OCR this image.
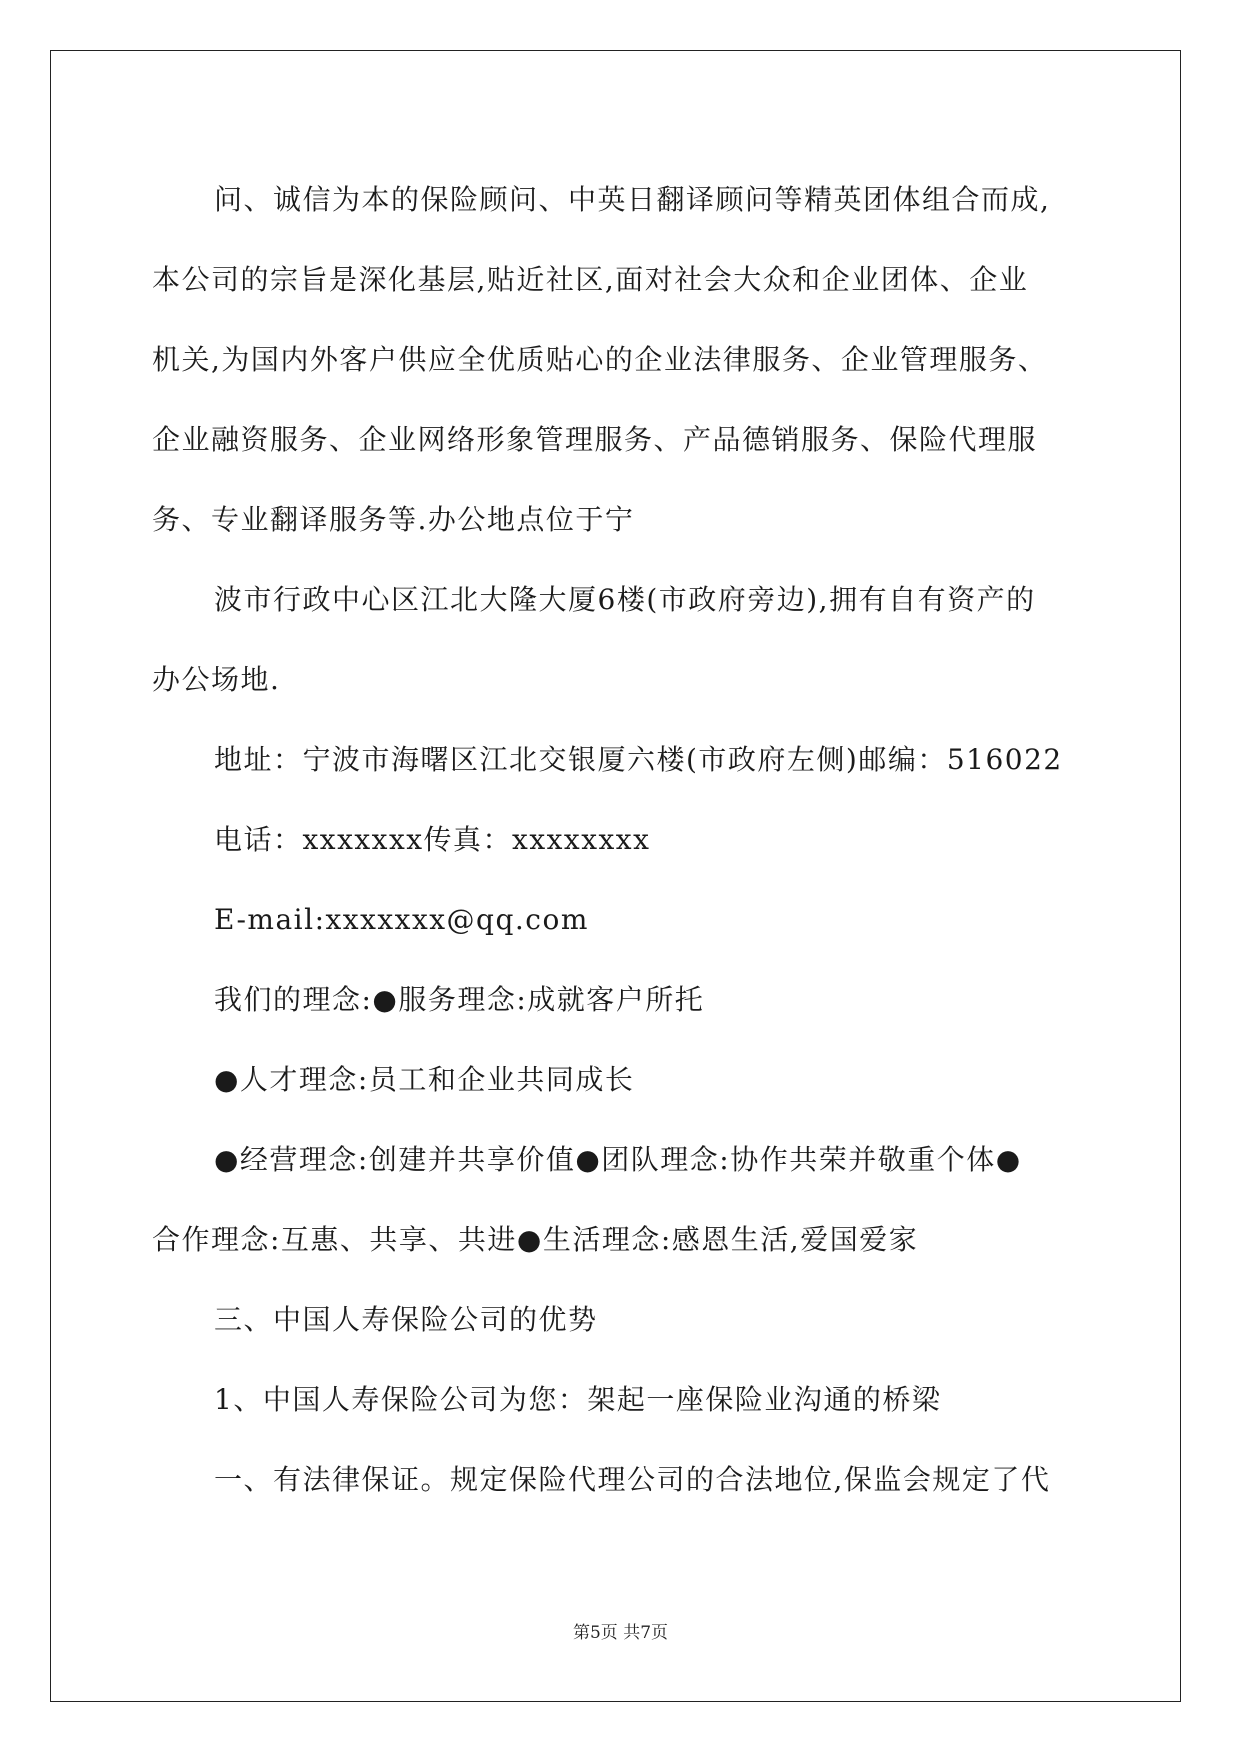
问、诚信为本的保险顾问、中英日翻译顾问等精英团体组合而成,
本公司的宗旨是深化基层,贴近社区,面对社会大众和企业团体、企业
机关,为国内外客户供应全优质贴心的企业法律服务、企业管理服务、
企业融资服务、企业网络形象管理服务、产品德销服务、保险代理服
务、专业翻译服务等.办公地点位于宁
波市行政中心区江北大隆大厦6楼(市政府旁边),拥有自有资产的
办公场地.
地址：宁波市海曙区江北交银厦六楼(市政府左侧)邮编：516022
电话：xxxxxxx传真：xxxxxxxx
E-mail:xxxxxxx@qq.com
我们的理念:●服务理念:成就客户所托
●人才理念:员工和企业共同成长
●经营理念:创建并共享价值●团队理念:协作共荣并敬重个体●
合作理念:互惠、共享、共进●生活理念:感恩生活,爱国爱家
三、中国人寿保险公司的优势
1、中国人寿保险公司为您：架起一座保险业沟通的桥梁
一、有法律保证。规定保险代理公司的合法地位,保监会规定了代
第5页 共7页
